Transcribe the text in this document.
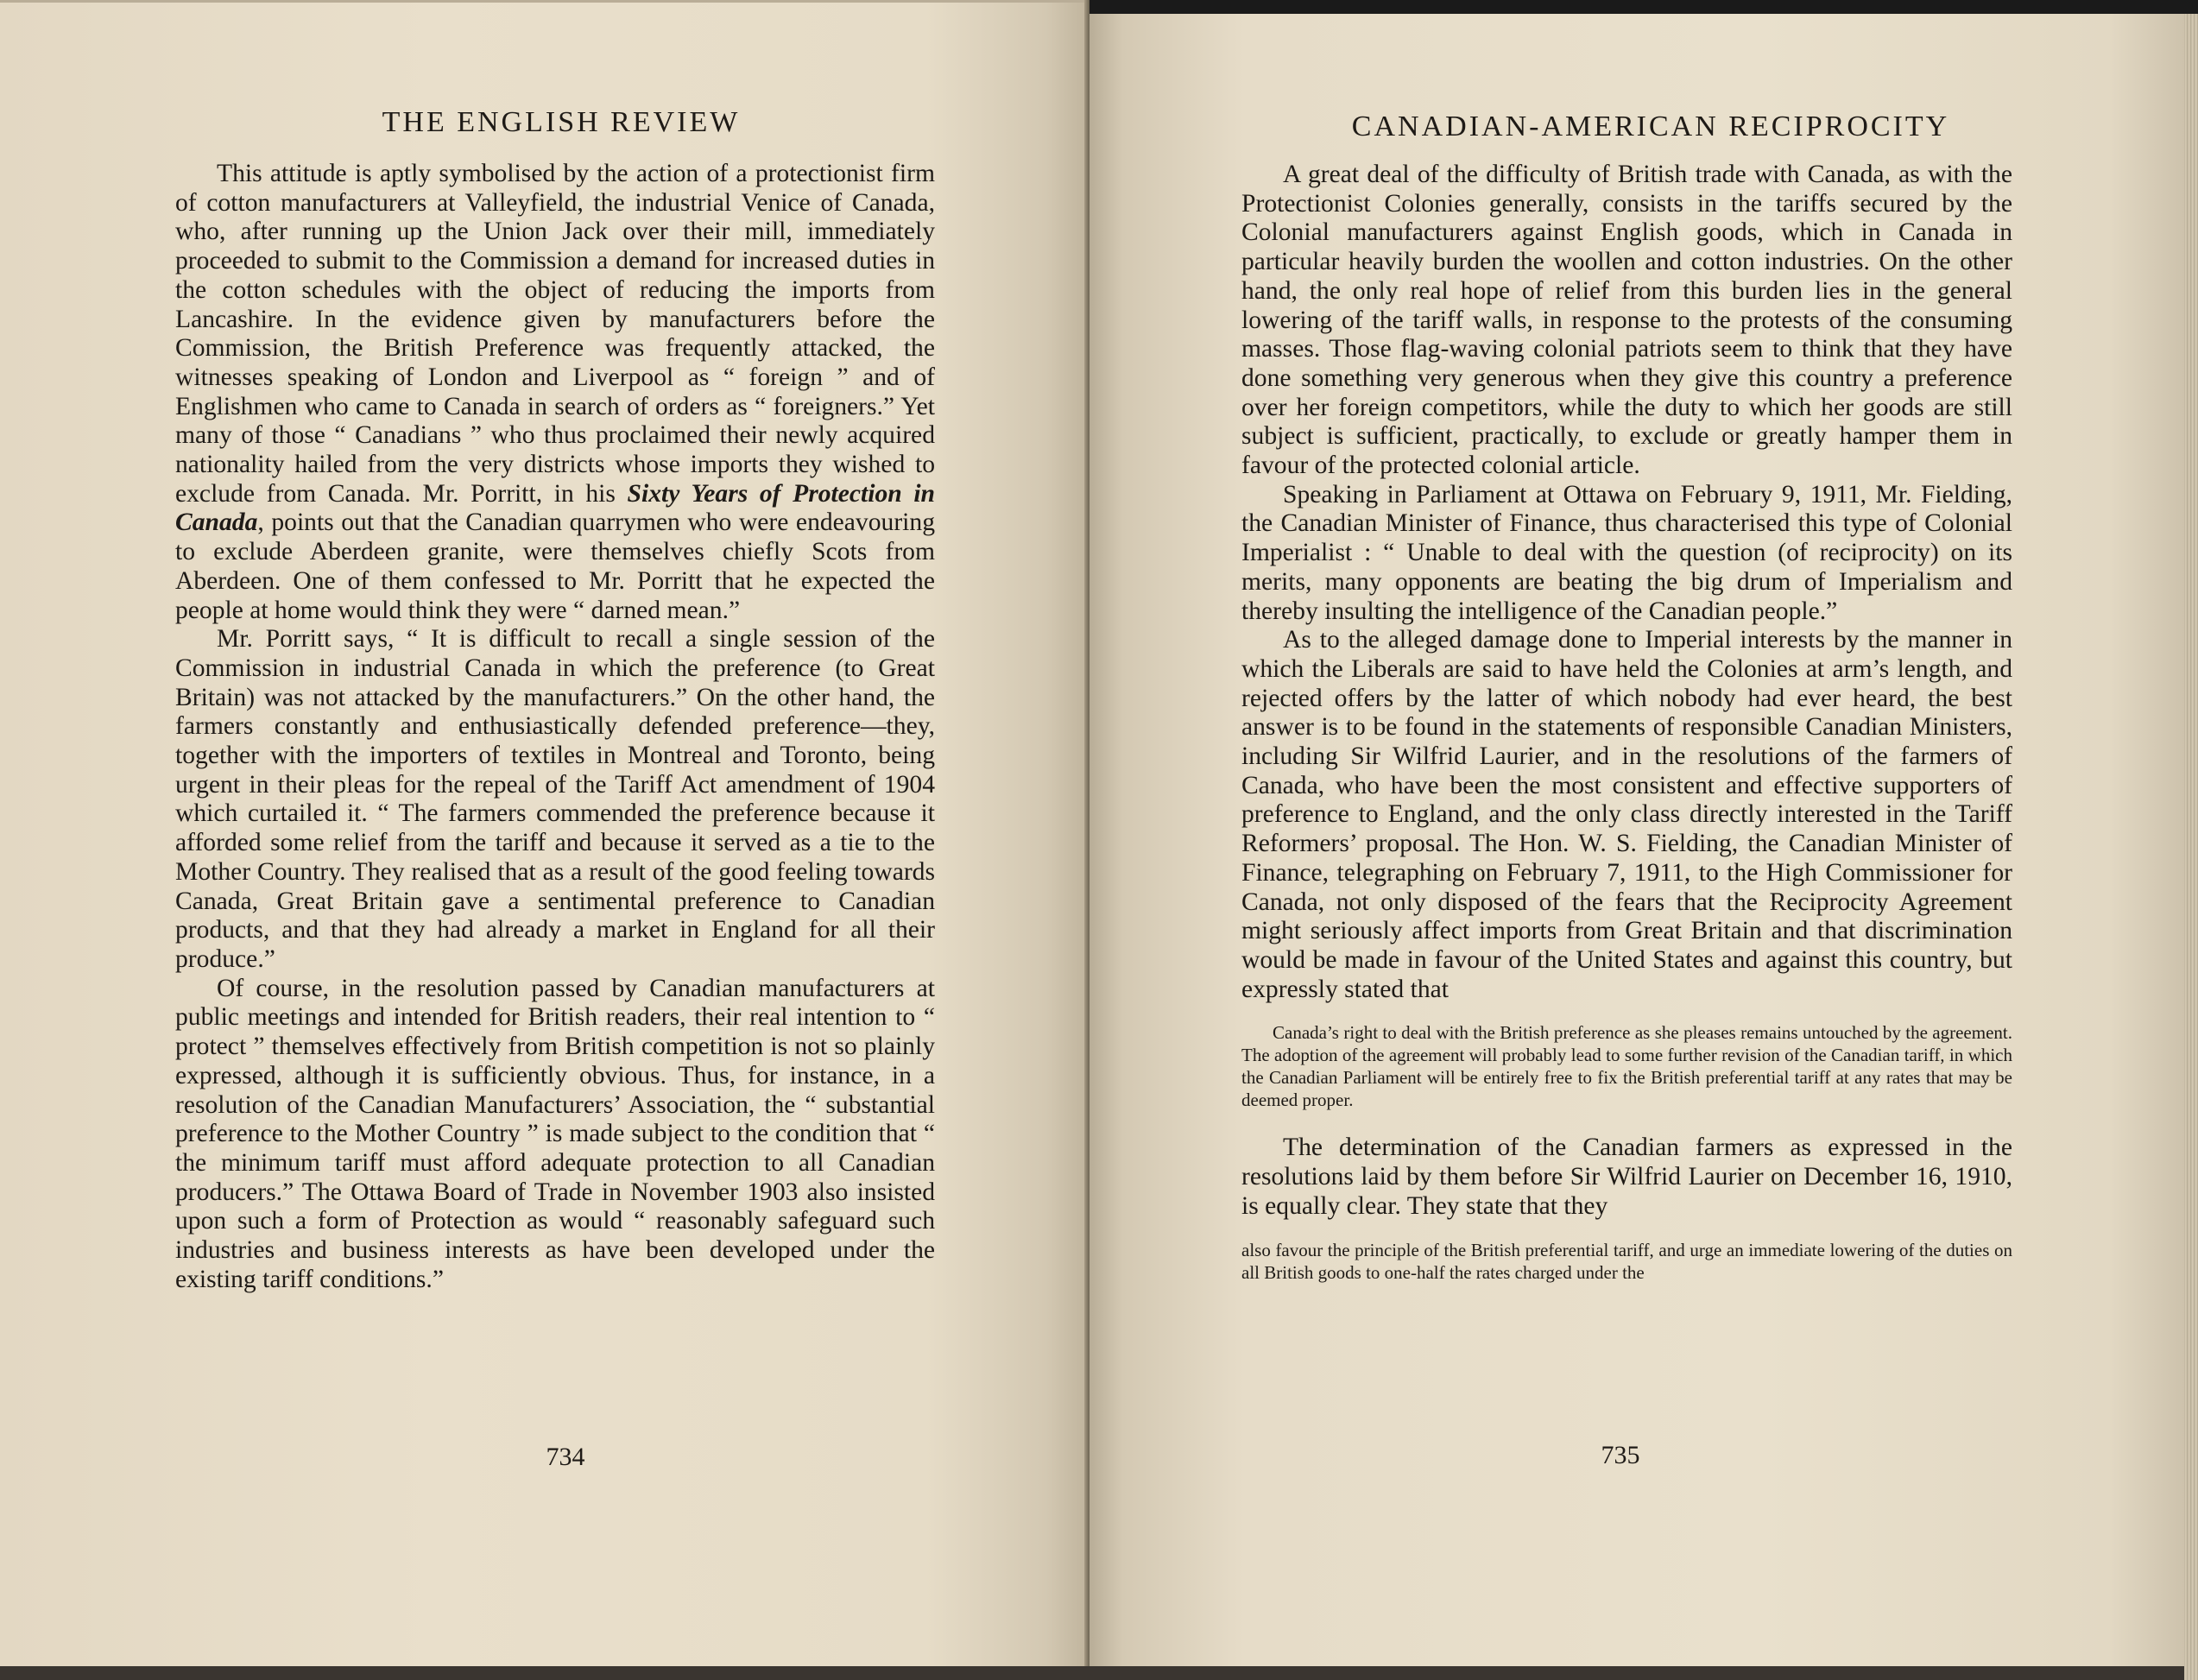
THE ENGLISH REVIEW

This attitude is aptly symbolised by the action of a protectionist firm of cotton manufacturers at Valleyfield, the industrial Venice of Canada, who, after running up the Union Jack over their mill, immediately proceeded to submit to the Commission a demand for increased duties in the cotton schedules with the object of reducing the imports from Lancashire. In the evidence given by manufacturers before the Commission, the British Preference was frequently attacked, the witnesses speaking of London and Liverpool as “ foreign ” and of Englishmen who came to Canada in search of orders as “ foreigners.” Yet many of those “ Canadians ” who thus proclaimed their newly acquired nationality hailed from the very districts whose imports they wished to exclude from Canada. Mr. Porritt, in his Sixty Years of Protection in Canada, points out that the Canadian quarrymen who were endeavouring to exclude Aberdeen granite, were themselves chiefly Scots from Aberdeen. One of them confessed to Mr. Porritt that he expected the people at home would think they were “ darned mean.”

Mr. Porritt says, “ It is difficult to recall a single session of the Commission in industrial Canada in which the preference (to Great Britain) was not attacked by the manufacturers.” On the other hand, the farmers constantly and enthusiastically defended preference—they, together with the importers of textiles in Montreal and Toronto, being urgent in their pleas for the repeal of the Tariff Act amendment of 1904 which curtailed it. “ The farmers commended the preference because it afforded some relief from the tariff and because it served as a tie to the Mother Country. They realised that as a result of the good feeling towards Canada, Great Britain gave a sentimental preference to Canadian products, and that they had already a market in England for all their produce.”

Of course, in the resolution passed by Canadian manufacturers at public meetings and intended for British readers, their real intention to “ protect ” themselves effectively from British competition is not so plainly expressed, although it is sufficiently obvious. Thus, for instance, in a resolution of the Canadian Manufacturers’ Association, the “ substantial preference to the Mother Country ” is made subject to the condition that “ the minimum tariff must afford adequate protection to all Canadian producers.” The Ottawa Board of Trade in November 1903 also insisted upon such a form of Protection as would “ reasonably safeguard such industries and business interests as have been developed under the existing tariff conditions.”

734
CANADIAN-AMERICAN RECIPROCITY

A great deal of the difficulty of British trade with Canada, as with the Protectionist Colonies generally, consists in the tariffs secured by the Colonial manufacturers against English goods, which in Canada in particular heavily burden the woollen and cotton industries. On the other hand, the only real hope of relief from this burden lies in the general lowering of the tariff walls, in response to the protests of the consuming masses. Those flag-waving colonial patriots seem to think that they have done something very generous when they give this country a preference over her foreign competitors, while the duty to which her goods are still subject is sufficient, practically, to exclude or greatly hamper them in favour of the protected colonial article.

Speaking in Parliament at Ottawa on February 9, 1911, Mr. Fielding, the Canadian Minister of Finance, thus characterised this type of Colonial Imperialist : “ Unable to deal with the question (of reciprocity) on its merits, many opponents are beating the big drum of Imperialism and thereby insulting the intelligence of the Canadian people.”

As to the alleged damage done to Imperial interests by the manner in which the Liberals are said to have held the Colonies at arm’s length, and rejected offers by the latter of which nobody had ever heard, the best answer is to be found in the statements of responsible Canadian Ministers, including Sir Wilfrid Laurier, and in the resolutions of the farmers of Canada, who have been the most consistent and effective supporters of preference to England, and the only class directly interested in the Tariff Reformers’ proposal. The Hon. W. S. Fielding, the Canadian Minister of Finance, telegraphing on February 7, 1911, to the High Commissioner for Canada, not only disposed of the fears that the Reciprocity Agreement might seriously affect imports from Great Britain and that discrimination would be made in favour of the United States and against this country, but expressly stated that

Canada’s right to deal with the British preference as she pleases remains untouched by the agreement. The adoption of the agreement will probably lead to some further revision of the Canadian tariff, in which the Canadian Parliament will be entirely free to fix the British preferential tariff at any rates that may be deemed proper.

The determination of the Canadian farmers as expressed in the resolutions laid by them before Sir Wilfrid Laurier on December 16, 1910, is equally clear. They state that they

also favour the principle of the British preferential tariff, and urge an immediate lowering of the duties on all British goods to one-half the rates charged under the
735
